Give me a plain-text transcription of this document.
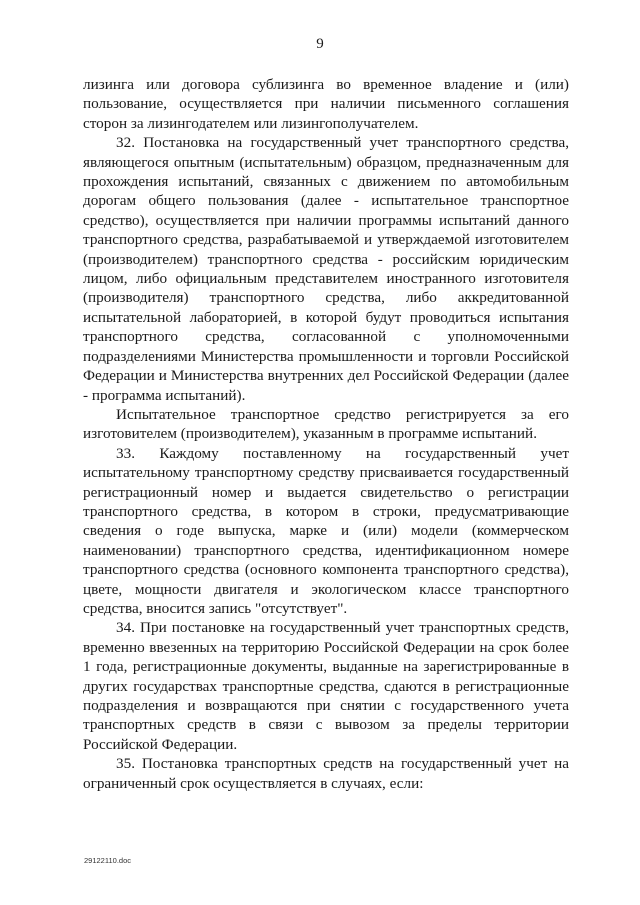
9

лизинга или договора сублизинга во временное владение и (или) пользование, осуществляется при наличии письменного соглашения сторон за лизингодателем или лизингополучателем.

32. Постановка на государственный учет транспортного средства, являющегося опытным (испытательным) образцом, предназначенным для прохождения испытаний, связанных с движением по автомобильным дорогам общего пользования (далее - испытательное транспортное средство), осуществляется при наличии программы испытаний данного транспортного средства, разрабатываемой и утверждаемой изготовителем (производителем) транспортного средства - российским юридическим лицом, либо официальным представителем иностранного изготовителя (производителя) транспортного средства, либо аккредитованной испытательной лабораторией, в которой будут проводиться испытания транспортного средства, согласованной с уполномоченными подразделениями Министерства промышленности и торговли Российской Федерации и Министерства внутренних дел Российской Федерации (далее - программа испытаний).

Испытательное транспортное средство регистрируется за его изготовителем (производителем), указанным в программе испытаний.

33. Каждому поставленному на государственный учет испытательному транспортному средству присваивается государственный регистрационный номер и выдается свидетельство о регистрации транспортного средства, в котором в строки, предусматривающие сведения о годе выпуска, марке и (или) модели (коммерческом наименовании) транспортного средства, идентификационном номере транспортного средства (основного компонента транспортного средства), цвете, мощности двигателя и экологическом классе транспортного средства, вносится запись "отсутствует".

34. При постановке на государственный учет транспортных средств, временно ввезенных на территорию Российской Федерации на срок более 1 года, регистрационные документы, выданные на зарегистрированные в других государствах транспортные средства, сдаются в регистрационные подразделения и возвращаются при снятии с государственного учета транспортных средств в связи с вывозом за пределы территории Российской Федерации.

35. Постановка транспортных средств на государственный учет на ограниченный срок осуществляется в случаях, если:

29122110.doc
